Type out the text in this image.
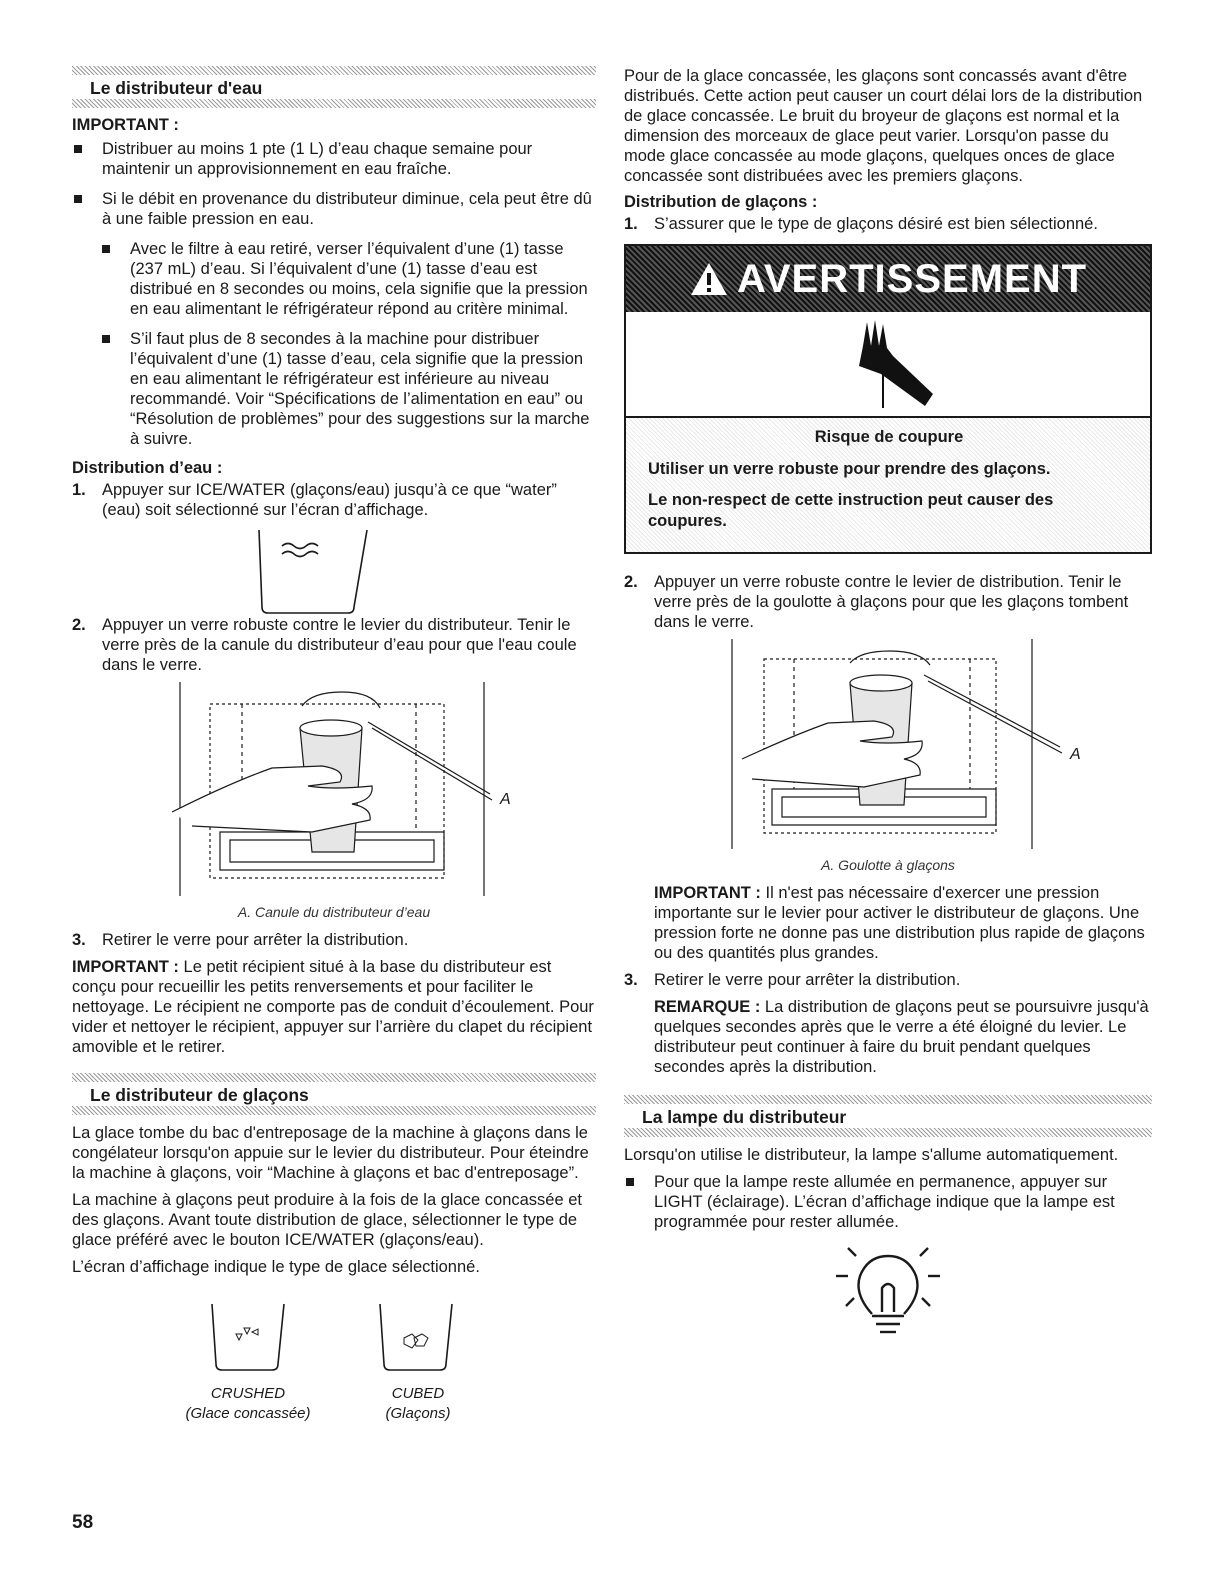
Le distributeur d'eau
IMPORTANT :
Distribuer au moins 1 pte (1 L) d’eau chaque semaine pour maintenir un approvisionnement en eau fraîche.
Si le débit en provenance du distributeur diminue, cela peut être dû à une faible pression en eau.
Avec le filtre à eau retiré, verser l’équivalent d’une (1) tasse (237 mL) d’eau. Si l’équivalent d’une (1) tasse d’eau est distribué en 8 secondes ou moins, cela signifie que la pression en eau alimentant le réfrigérateur répond au critère minimal.
S’il faut plus de 8 secondes à la machine pour distribuer l’équivalent d’une (1) tasse d’eau, cela signifie que la pression en eau alimentant le réfrigérateur est inférieure au niveau recommandé. Voir “Spécifications de l’alimentation en eau” ou “Résolution de problèmes” pour des suggestions sur la marche à suivre.
Distribution d’eau :
1. Appuyer sur ICE/WATER (glaçons/eau) jusqu’à ce que “water” (eau) soit sélectionné sur l’écran d’affichage.
2. Appuyer un verre robuste contre le levier du distributeur. Tenir le verre près de la canule du distributeur d’eau pour que l'eau coule dans le verre.
A
A. Canule du distributeur d’eau
3. Retirer le verre pour arrêter la distribution.

IMPORTANT : Le petit récipient situé à la base du distributeur est conçu pour recueillir les petits renversements et pour faciliter le nettoyage. Le récipient ne comporte pas de conduit d’écoulement. Pour vider et nettoyer le récipient, appuyer sur l’arrière du clapet du récipient amovible et le retirer.

Le distributeur de glaçons

La glace tombe du bac d'entreposage de la machine à glaçons dans le congélateur lorsqu'on appuie sur le levier du distributeur. Pour éteindre la machine à glaçons, voir “Machine à glaçons et bac d'entreposage”.

La machine à glaçons peut produire à la fois de la glace concassée et des glaçons. Avant toute distribution de glace, sélectionner le type de glace préféré avec le bouton ICE/WATER (glaçons/eau).

L’écran d’affichage indique le type de glace sélectionné.

CRUSHED
(Glace concassée)
CUBED
(Glaçons)
58

Pour de la glace concassée, les glaçons sont concassés avant d'être distribués. Cette action peut causer un court délai lors de la distribution de glace concassée. Le bruit du broyeur de glaçons est normal et la dimension des morceaux de glace peut varier. Lorsqu'on passe du mode glace concassée au mode glaçons, quelques onces de glace concassée sont distribuées avec les premiers glaçons.

Distribution de glaçons :
1. S’assurer que le type de glaçons désiré est bien sélectionné.
AVERTISSEMENT
Risque de coupure
Utiliser un verre robuste pour prendre des glaçons.
Le non-respect de cette instruction peut causer des coupures.
2. Appuyer un verre robuste contre le levier de distribution. Tenir le verre près de la goulotte à glaçons pour que les glaçons tombent dans le verre.
A
A. Goulotte à glaçons

IMPORTANT : Il n'est pas nécessaire d'exercer une pression importante sur le levier pour activer le distributeur de glaçons. Une pression forte ne donne pas une distribution plus rapide de glaçons ou des quantités plus grandes.

3. Retirer le verre pour arrêter la distribution.

REMARQUE : La distribution de glaçons peut se poursuivre jusqu'à quelques secondes après que le verre a été éloigné du levier. Le distributeur peut continuer à faire du bruit pendant quelques secondes après la distribution.

La lampe du distributeur

Lorsqu'on utilise le distributeur, la lampe s'allume automatiquement.

Pour que la lampe reste allumée en permanence, appuyer sur LIGHT (éclairage). L’écran d’affichage indique que la lampe est programmée pour rester allumée.
